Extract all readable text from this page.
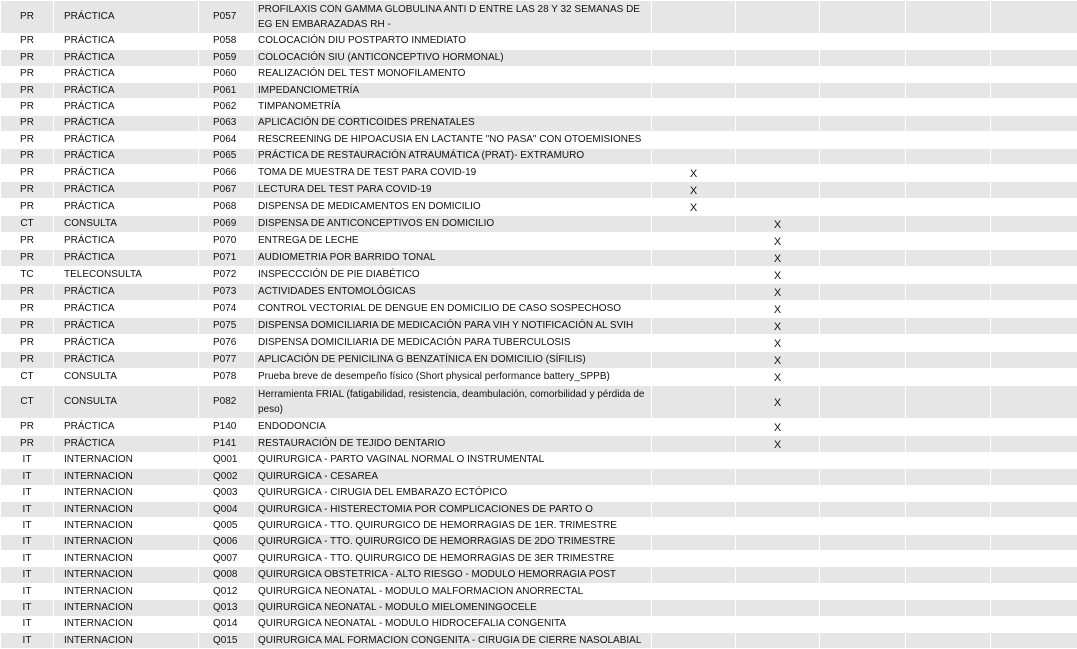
PR	PRÁCTICA	P057	PROFILAXIS CON GAMMA GLOBULINA ANTI D ENTRE LAS 28 Y 32 SEMANAS DE EG EN EMBARAZADAS RH -					
PR	PRÁCTICA	P058	COLOCACIÓN DIU POSTPARTO INMEDIATO					
PR	PRÁCTICA	P059	COLOCACIÓN SIU (ANTICONCEPTIVO HORMONAL)					
PR	PRÁCTICA	P060	REALIZACIÓN DEL TEST MONOFILAMENTO					
PR	PRÁCTICA	P061	IMPEDANCIOMETRÍA					
PR	PRÁCTICA	P062	TIMPANOMETRÍA					
PR	PRÁCTICA	P063	APLICACIÓN DE CORTICOIDES PRENATALES					
PR	PRÁCTICA	P064	RESCREENING DE HIPOACUSIA EN LACTANTE "NO PASA" CON OTOEMISIONES					
PR	PRÁCTICA	P065	PRÁCTICA DE RESTAURACIÓN ATRAUMÁTICA (PRAT)- EXTRAMURO					
PR	PRÁCTICA	P066	TOMA DE MUESTRA DE TEST PARA COVID-19	X				
PR	PRÁCTICA	P067	LECTURA DEL TEST PARA COVID-19	X				
PR	PRÁCTICA	P068	DISPENSA DE MEDICAMENTOS EN DOMICILIO	X				
CT	CONSULTA	P069	DISPENSA DE ANTICONCEPTIVOS EN DOMICILIO		X			
PR	PRÁCTICA	P070	ENTREGA DE LECHE		X			
PR	PRÁCTICA	P071	AUDIOMETRIA POR BARRIDO TONAL		X			
TC	TELECONSULTA	P072	INSPECCCIÓN DE PIE DIABÉTICO		X			
PR	PRÁCTICA	P073	ACTIVIDADES ENTOMOLÓGICAS		X			
PR	PRÁCTICA	P074	CONTROL VECTORIAL DE DENGUE EN DOMICILIO DE CASO SOSPECHOSO		X			
PR	PRÁCTICA	P075	DISPENSA DOMICILIARIA DE MEDICACIÓN PARA VIH Y NOTIFICACIÓN AL SVIH		X			
PR	PRÁCTICA	P076	DISPENSA DOMICILIARIA DE MEDICACIÓN PARA TUBERCULOSIS		X			
PR	PRÁCTICA	P077	APLICACIÓN DE PENICILINA G BENZATÍNICA EN DOMICILIO (SÍFILIS)		X			
CT	CONSULTA	P078	Prueba breve de desempeño físico (Short physical performance battery_SPPB)		X			
CT	CONSULTA	P082	Herramienta FRIAL (fatigabilidad, resistencia, deambulación, comorbilidad y pérdida de peso)		X			
PR	PRÁCTICA	P140	ENDODONCIA		X			
PR	PRÁCTICA	P141	RESTAURACIÓN DE TEJIDO DENTARIO		X			
IT	INTERNACION	Q001	QUIRURGICA - PARTO VAGINAL NORMAL O INSTRUMENTAL					
IT	INTERNACION	Q002	QUIRURGICA - CESAREA					
IT	INTERNACION	Q003	QUIRURGICA - CIRUGIA DEL EMBARAZO ECTÓPICO					
IT	INTERNACION	Q004	QUIRURGICA - HISTERECTOMIA POR COMPLICACIONES DE PARTO O					
IT	INTERNACION	Q005	QUIRURGICA - TTO. QUIRURGICO DE HEMORRAGIAS DE 1ER. TRIMESTRE					
IT	INTERNACION	Q006	QUIRURGICA - TTO. QUIRURGICO DE HEMORRAGIAS DE 2DO TRIMESTRE					
IT	INTERNACION	Q007	QUIRURGICA - TTO. QUIRURGICO DE HEMORRAGIAS DE 3ER TRIMESTRE					
IT	INTERNACION	Q008	QUIRURGICA OBSTETRICA - ALTO RIESGO - MODULO HEMORRAGIA POST					
IT	INTERNACION	Q012	QUIRURGICA NEONATAL - MODULO MALFORMACION ANORRECTAL					
IT	INTERNACION	Q013	QUIRURGICA NEONATAL - MODULO MIELOMENINGOCELE					
IT	INTERNACION	Q014	QUIRURGICA NEONATAL - MODULO HIDROCEFALIA CONGENITA					
IT	INTERNACION	Q015	QUIRURGICA MAL FORMACION CONGENITA - CIRUGIA DE CIERRE NASOLABIAL					
